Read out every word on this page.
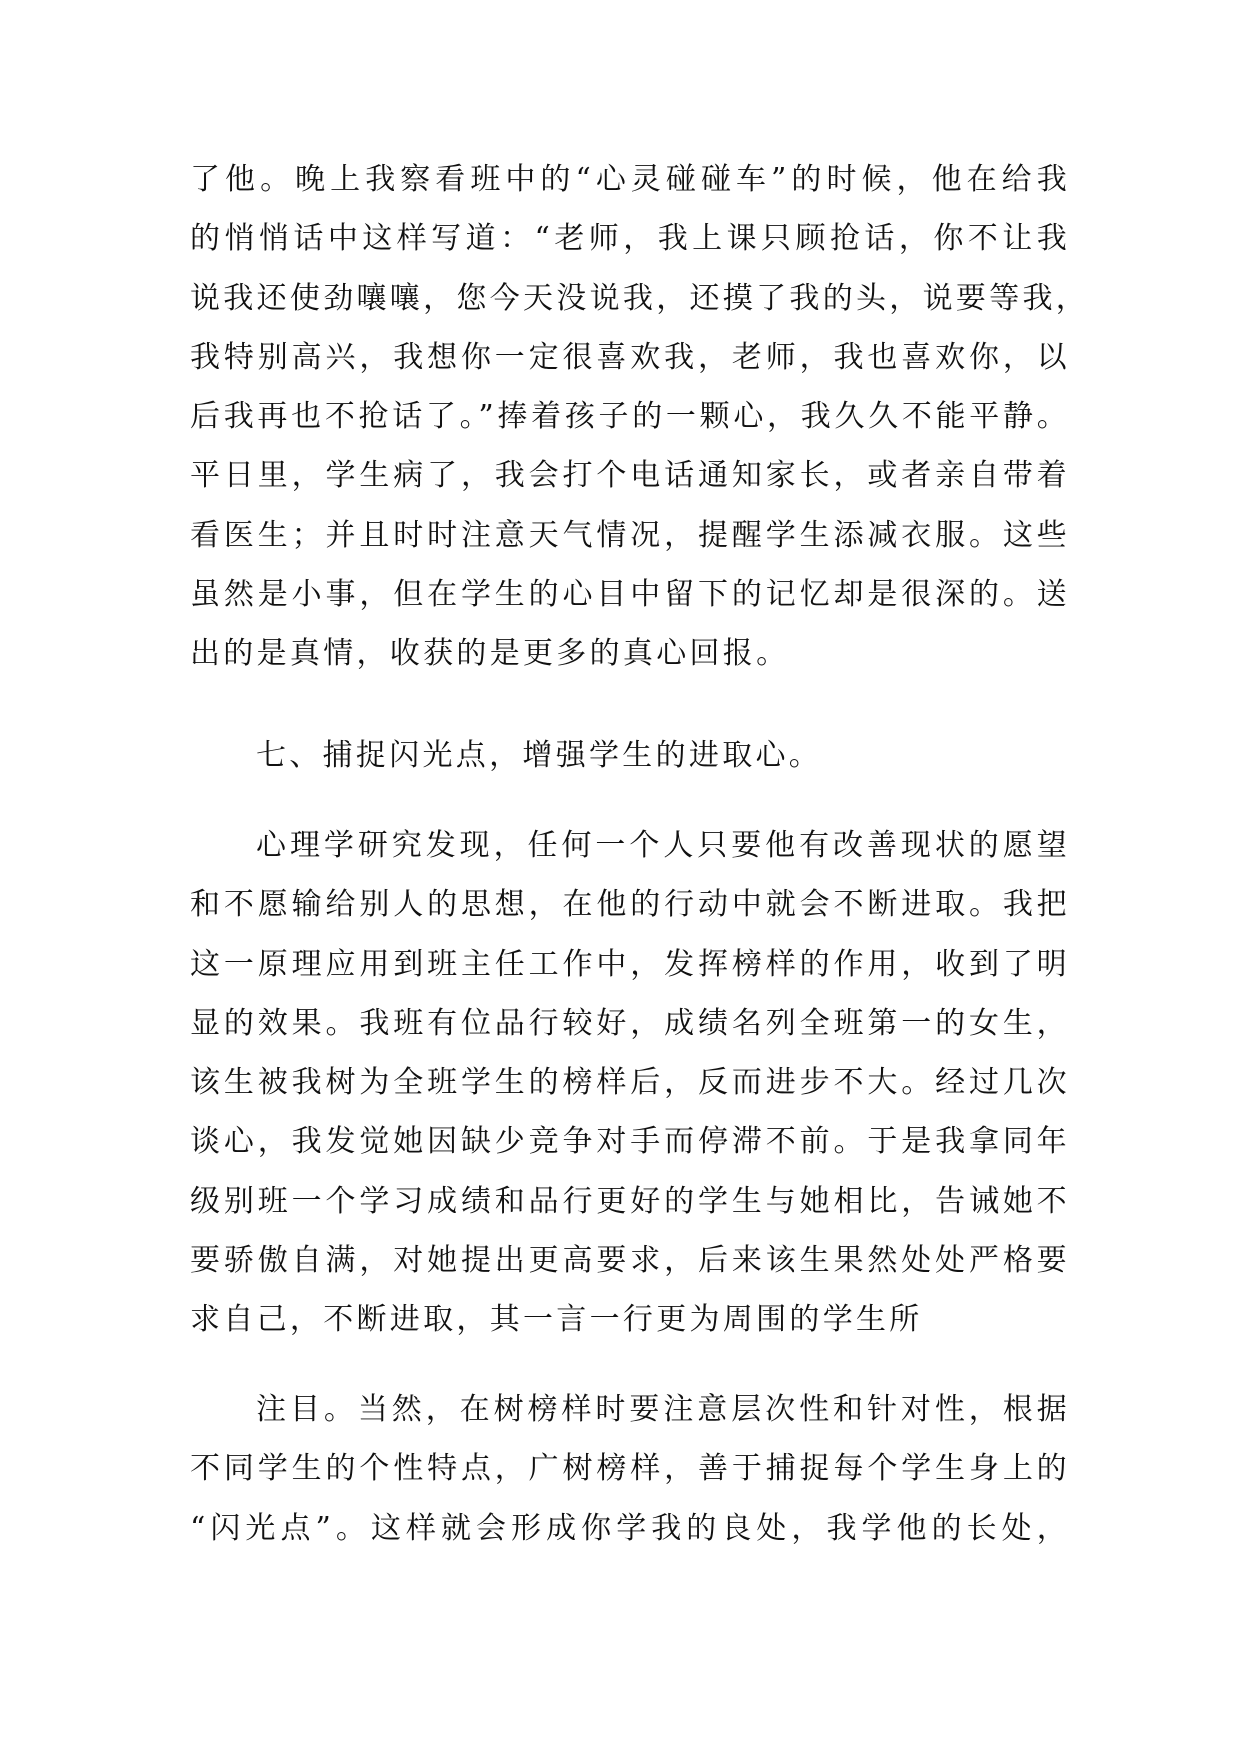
了他。晚上我察看班中的“心灵碰碰车”的时候，他在给我
的悄悄话中这样写道：“老师，我上课只顾抢话，你不让我
说我还使劲嚷嚷，您今天没说我，还摸了我的头，说要等我，
我特别高兴，我想你一定很喜欢我，老师，我也喜欢你，以
后我再也不抢话了。”捧着孩子的一颗心，我久久不能平静。
平日里，学生病了，我会打个电话通知家长，或者亲自带着
看医生；并且时时注意天气情况，提醒学生添减衣服。这些
虽然是小事，但在学生的心目中留下的记忆却是很深的。送
出的是真情，收获的是更多的真心回报。
七、捕捉闪光点，增强学生的进取心。
心理学研究发现，任何一个人只要他有改善现状的愿望
和不愿输给别人的思想，在他的行动中就会不断进取。我把
这一原理应用到班主任工作中，发挥榜样的作用，收到了明
显的效果。我班有位品行较好，成绩名列全班第一的女生，
该生被我树为全班学生的榜样后，反而进步不大。经过几次
谈心，我发觉她因缺少竞争对手而停滞不前。于是我拿同年
级别班一个学习成绩和品行更好的学生与她相比，告诫她不
要骄傲自满，对她提出更高要求，后来该生果然处处严格要
求自己，不断进取，其一言一行更为周围的学生所
注目。当然，在树榜样时要注意层次性和针对性，根据
不同学生的个性特点，广树榜样，善于捕捉每个学生身上的
“闪光点”。这样就会形成你学我的良处，我学他的长处，
